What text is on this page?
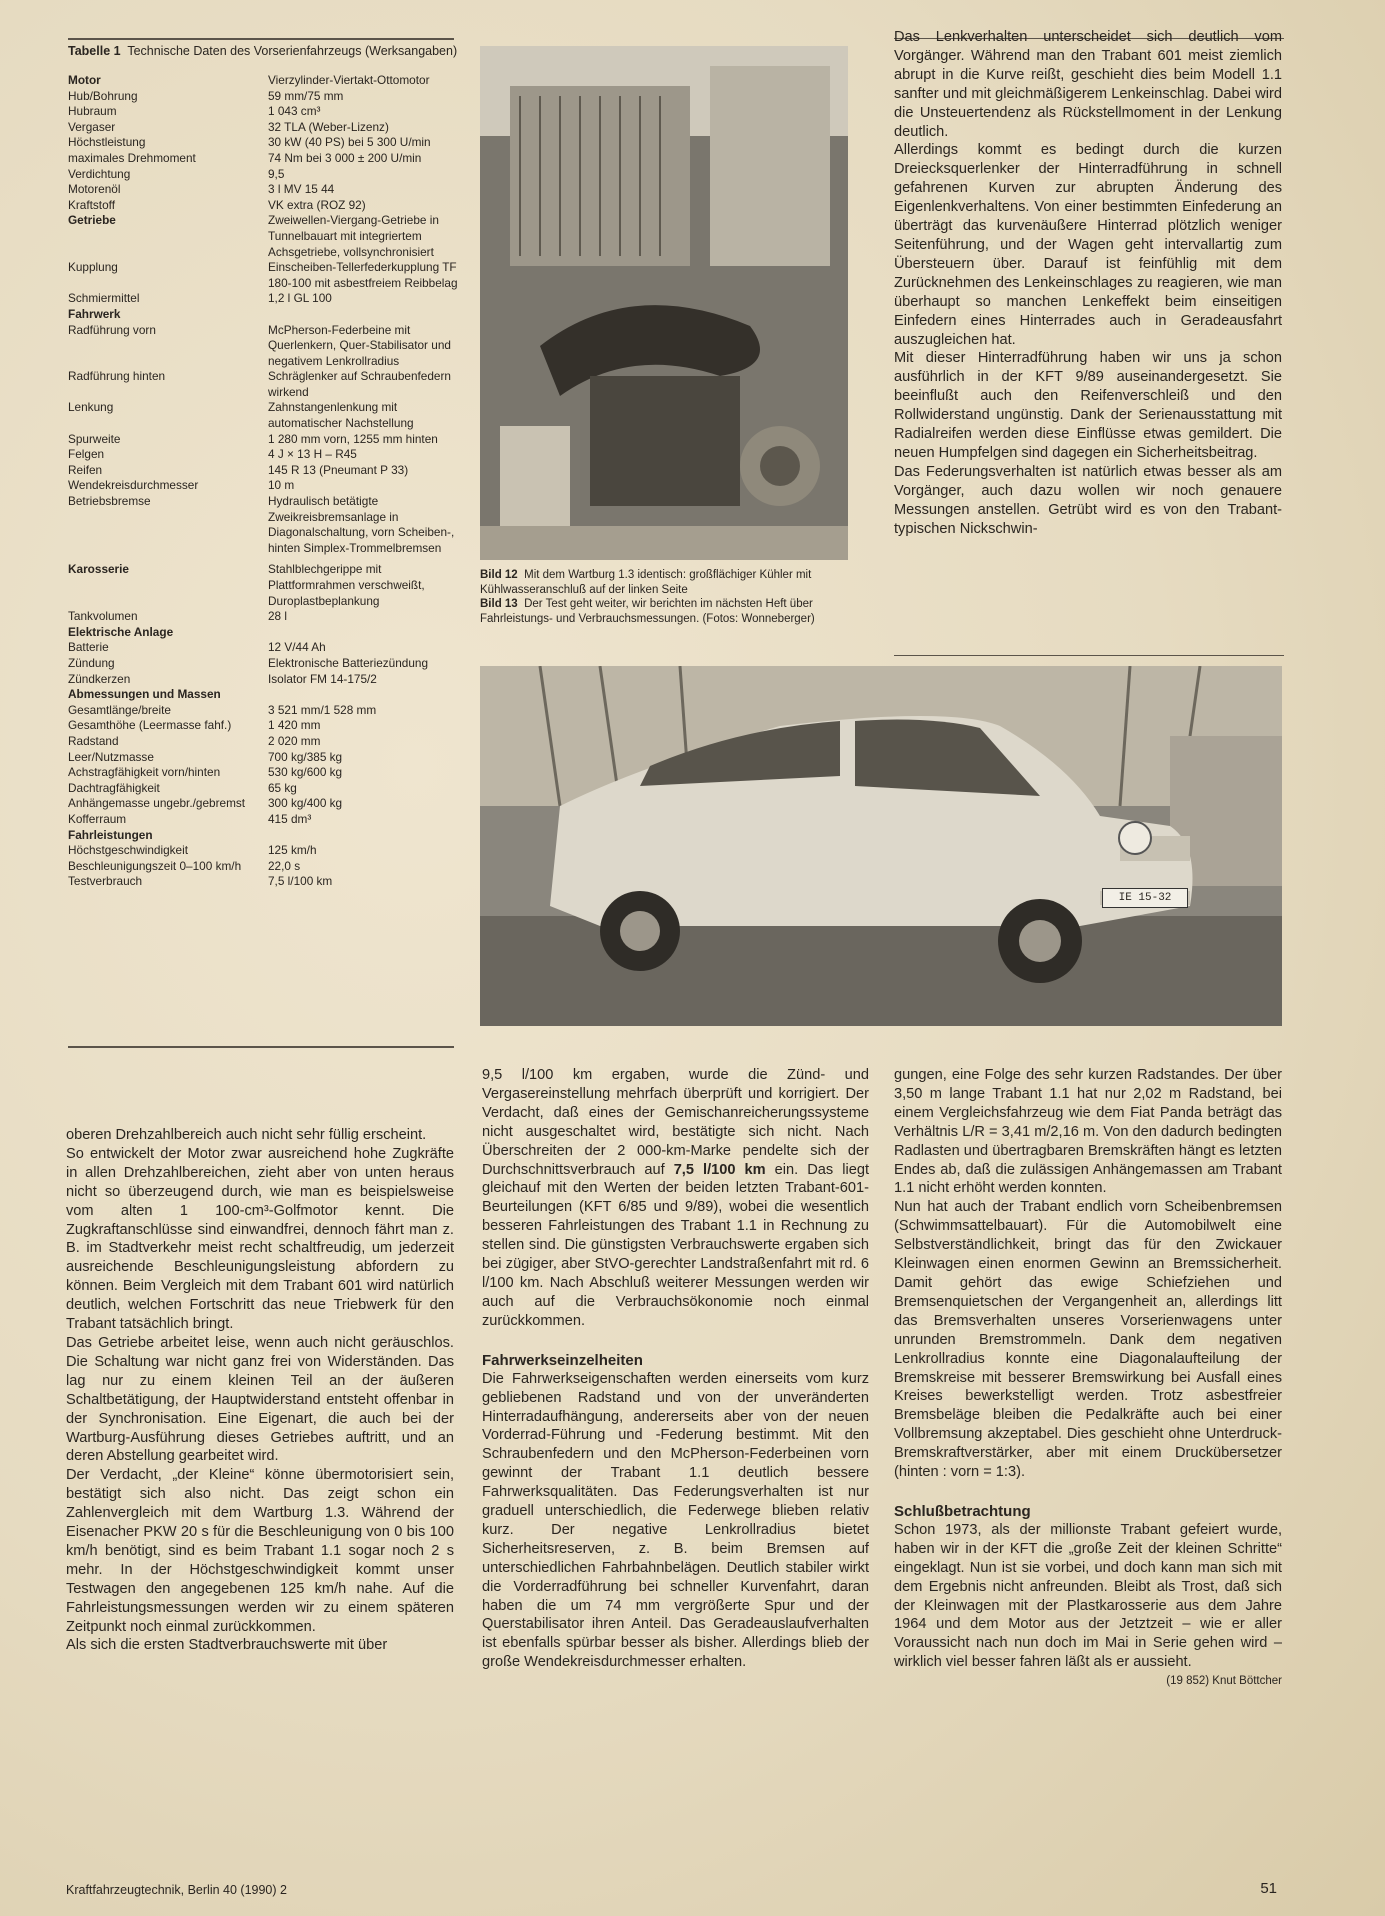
Tabelle 1 Technische Daten des Vorserienfahrzeugs (Werksangaben)
Motor	Vierzylinder-Viertakt-Ottomotor
Hub/Bohrung	59 mm/75 mm
Hubraum	1 043 cm³
Vergaser	32 TLA (Weber-Lizenz)
Höchstleistung	30 kW (40 PS) bei 5 300 U/min
maximales Drehmoment	74 Nm bei 3 000 ± 200 U/min
Verdichtung	9,5
Motorenöl	3 l MV 15 44
Kraftstoff	VK extra (ROZ 92)
Getriebe	Zweiwellen-Viergang-Getriebe in Tunnelbauart mit integriertem Achsgetriebe, vollsynchronisiert
Kupplung	Einscheiben-Tellerfederkupplung TF 180-100 mit asbestfreiem Reibbelag
Schmiermittel	1,2 l GL 100
Fahrwerk
Radführung vorn	McPherson-Federbeine mit Querlenkern, Quer-Stabilisator und negativem Lenkrollradius
Radführung hinten	Schräglenker auf Schraubenfedern wirkend
Lenkung	Zahnstangenlenkung mit automatischer Nachstellung
Spurweite	1 280 mm vorn, 1255 mm hinten
Felgen	4 J × 13 H – R45
Reifen	145 R 13 (Pneumant P 33)
Wendekreisdurchmesser	10 m
Betriebsbremse	Hydraulisch betätigte Zweikreisbremsanlage in Diagonalschaltung, vorn Scheiben-, hinten Simplex-Trommelbremsen
Karosserie	Stahlblechgerippe mit Plattformrahmen verschweißt, Duroplastbeplankung
Tankvolumen	28 l
Elektrische Anlage
Batterie	12 V/44 Ah
Zündung	Elektronische Batteriezündung
Zündkerzen	Isolator FM 14-175/2
Abmessungen und Massen
Gesamtlänge/breite	3 521 mm/1 528 mm
Gesamthöhe (Leermasse fahf.)	1 420 mm
Radstand	2 020 mm
Leer/Nutzmasse	700 kg/385 kg
Achstragfähigkeit vorn/hinten	530 kg/600 kg
Dachtragfähigkeit	65 kg
Anhängemasse ungebr./gebremst	300 kg/400 kg
Kofferraum	415 dm³
Fahrleistungen
Höchstgeschwindigkeit	125 km/h
Beschleunigungszeit 0–100 km/h	22,0 s
Testverbrauch	7,5 l/100 km
Bild 12 Mit dem Wartburg 1.3 identisch: großflächiger Kühler mit Kühlwasseranschluß auf der linken Seite
Bild 13 Der Test geht weiter, wir berichten im nächsten Heft über Fahrleistungs- und Verbrauchsmessungen. (Fotos: Wonneberger)

Das Lenkverhalten unterscheidet sich deutlich vom Vorgänger. Während man den Trabant 601 meist ziemlich abrupt in die Kurve reißt, geschieht dies beim Modell 1.1 sanfter und mit gleichmäßigerem Lenkeinschlag. Dabei wird die Unsteuertendenz als Rückstellmoment in der Lenkung deutlich.

Allerdings kommt es bedingt durch die kurzen Dreiecksquerlenker der Hinterradführung in schnell gefahrenen Kurven zur abrupten Änderung des Eigenlenkverhaltens. Von einer bestimmten Einfederung an überträgt das kurvenäußere Hinterrad plötzlich weniger Seitenführung, und der Wagen geht intervallartig zum Übersteuern über. Darauf ist feinfühlig mit dem Zurücknehmen des Lenkeinschlages zu reagieren, wie man überhaupt so manchen Lenkeffekt beim einseitigen Einfedern eines Hinterrades auch in Geradeausfahrt auszugleichen hat.

Mit dieser Hinterradführung haben wir uns ja schon ausführlich in der KFT 9/89 auseinandergesetzt. Sie beeinflußt auch den Reifenverschleiß und den Rollwiderstand ungünstig. Dank der Serienausstattung mit Radialreifen werden diese Einflüsse etwas gemildert. Die neuen Humpfelgen sind dagegen ein Sicherheitsbeitrag.

Das Federungsverhalten ist natürlich etwas besser als am Vorgänger, auch dazu wollen wir noch genauere Messungen anstellen. Getrübt wird es von den Trabant-typischen Nickschwin-

IE 15-32

oberen Drehzahlbereich auch nicht sehr füllig erscheint.

So entwickelt der Motor zwar ausreichend hohe Zugkräfte in allen Drehzahlbereichen, zieht aber von unten heraus nicht so überzeugend durch, wie man es beispielsweise vom alten 1 100-cm³-Golfmotor kennt. Die Zugkraftanschlüsse sind einwandfrei, dennoch fährt man z. B. im Stadtverkehr meist recht schaltfreudig, um jederzeit ausreichende Beschleunigungsleistung abfordern zu können. Beim Vergleich mit dem Trabant 601 wird natürlich deutlich, welchen Fortschritt das neue Triebwerk für den Trabant tatsächlich bringt.

Das Getriebe arbeitet leise, wenn auch nicht geräuschlos. Die Schaltung war nicht ganz frei von Widerständen. Das lag nur zu einem kleinen Teil an der äußeren Schaltbetätigung, der Hauptwiderstand entsteht offenbar in der Synchronisation. Eine Eigenart, die auch bei der Wartburg-Ausführung dieses Getriebes auftritt, und an deren Abstellung gearbeitet wird.

Der Verdacht, „der Kleine“ könne übermotorisiert sein, bestätigt sich also nicht. Das zeigt schon ein Zahlenvergleich mit dem Wartburg 1.3. Während der Eisenacher PKW 20 s für die Beschleunigung von 0 bis 100 km/h benötigt, sind es beim Trabant 1.1 sogar noch 2 s mehr. In der Höchstgeschwindigkeit kommt unser Testwagen den angegebenen 125 km/h nahe. Auf die Fahrleistungsmessungen werden wir zu einem späteren Zeitpunkt noch einmal zurückkommen.

Als sich die ersten Stadtverbrauchswerte mit über

9,5 l/100 km ergaben, wurde die Zünd- und Vergasereinstellung mehrfach überprüft und korrigiert. Der Verdacht, daß eines der Gemischanreicherungssysteme nicht ausgeschaltet wird, bestätigte sich nicht. Nach Überschreiten der 2 000-km-Marke pendelte sich der Durchschnittsverbrauch auf 7,5 l/100 km ein. Das liegt gleichauf mit den Werten der beiden letzten Trabant-601-Beurteilungen (KFT 6/85 und 9/89), wobei die wesentlich besseren Fahrleistungen des Trabant 1.1 in Rechnung zu stellen sind. Die günstigsten Verbrauchswerte ergaben sich bei zügiger, aber StVO-gerechter Landstraßenfahrt mit rd. 6 l/100 km. Nach Abschluß weiterer Messungen werden wir auch auf die Verbrauchsökonomie noch einmal zurückkommen.

Fahrwerkseinzelheiten

Die Fahrwerkseigenschaften werden einerseits vom kurz gebliebenen Radstand und von der unveränderten Hinterradaufhängung, andererseits aber von der neuen Vorderrad-Führung und -Federung bestimmt. Mit den Schraubenfedern und den McPherson-Federbeinen vorn gewinnt der Trabant 1.1 deutlich bessere Fahrwerksqualitäten. Das Federungsverhalten ist nur graduell unterschiedlich, die Federwege blieben relativ kurz. Der negative Lenkrollradius bietet Sicherheitsreserven, z. B. beim Bremsen auf unterschiedlichen Fahrbahnbelägen. Deutlich stabiler wirkt die Vorderradführung bei schneller Kurvenfahrt, daran haben die um 74 mm vergrößerte Spur und der Querstabilisator ihren Anteil. Das Geradeauslaufverhalten ist ebenfalls spürbar besser als bisher. Allerdings blieb der große Wendekreisdurchmesser erhalten.

gungen, eine Folge des sehr kurzen Radstandes. Der über 3,50 m lange Trabant 1.1 hat nur 2,02 m Radstand, bei einem Vergleichsfahrzeug wie dem Fiat Panda beträgt das Verhältnis L/R = 3,41 m/2,16 m. Von den dadurch bedingten Radlasten und übertragbaren Bremskräften hängt es letzten Endes ab, daß die zulässigen Anhängemassen am Trabant 1.1 nicht erhöht werden konnten.

Nun hat auch der Trabant endlich vorn Scheibenbremsen (Schwimmsattelbauart). Für die Automobilwelt eine Selbstverständlichkeit, bringt das für den Zwickauer Kleinwagen einen enormen Gewinn an Bremssicherheit. Damit gehört das ewige Schiefziehen und Bremsenquietschen der Vergangenheit an, allerdings litt das Bremsverhalten unseres Vorserienwagens unter unrunden Bremstrommeln. Dank dem negativen Lenkrollradius konnte eine Diagonalaufteilung der Bremskreise mit besserer Bremswirkung bei Ausfall eines Kreises bewerkstelligt werden. Trotz asbestfreier Bremsbeläge bleiben die Pedalkräfte auch bei einer Vollbremsung akzeptabel. Dies geschieht ohne Unterdruck-Bremskraftverstärker, aber mit einem Druckübersetzer (hinten : vorn = 1:3).

Schlußbetrachtung

Schon 1973, als der millionste Trabant gefeiert wurde, haben wir in der KFT die „große Zeit der kleinen Schritte“ eingeklagt. Nun ist sie vorbei, und doch kann man sich mit dem Ergebnis nicht anfreunden. Bleibt als Trost, daß sich der Kleinwagen mit der Plastkarosserie aus dem Jahre 1964 und dem Motor aus der Jetztzeit – wie er aller Voraussicht nach nun doch im Mai in Serie gehen wird – wirklich viel besser fahren läßt als er aussieht.

(19 852) Knut Böttcher

Kraftfahrzeugtechnik, Berlin 40 (1990) 2	51
